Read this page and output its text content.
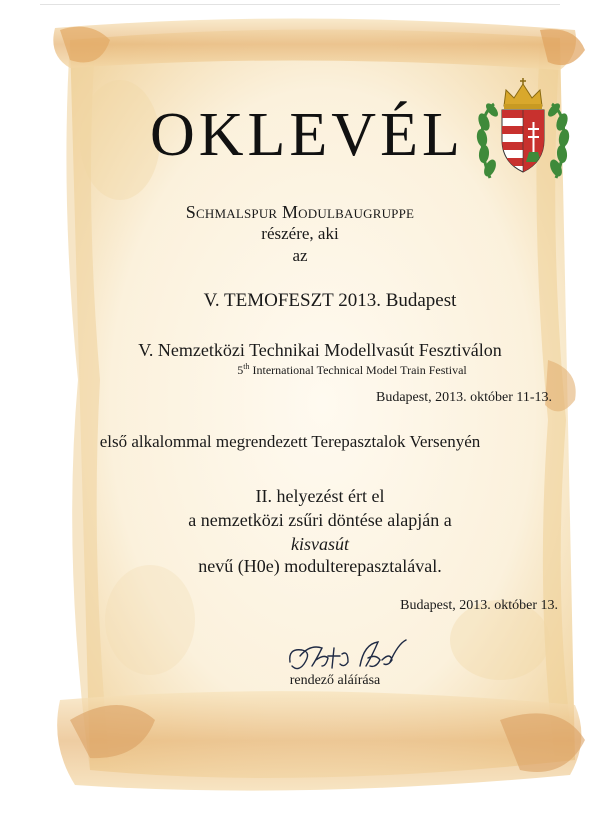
OKLEVÉL

Schmalspur Modulbaugruppe

részére, aki

az

V. TEMOFESZT 2013. Budapest

V. Nemzetközi Technikai Modellvasút Fesztiválon

5th International Technical Model Train Festival

Budapest, 2013. október 11-13.

első alkalommal megrendezett Terepasztalok Versenyén

II. helyezést ért el

a nemzetközi zsűri döntése alapján a

kisvasút

nevű (H0e) modulterepasztalával.

Budapest, 2013. október 13.

rendező aláírása
